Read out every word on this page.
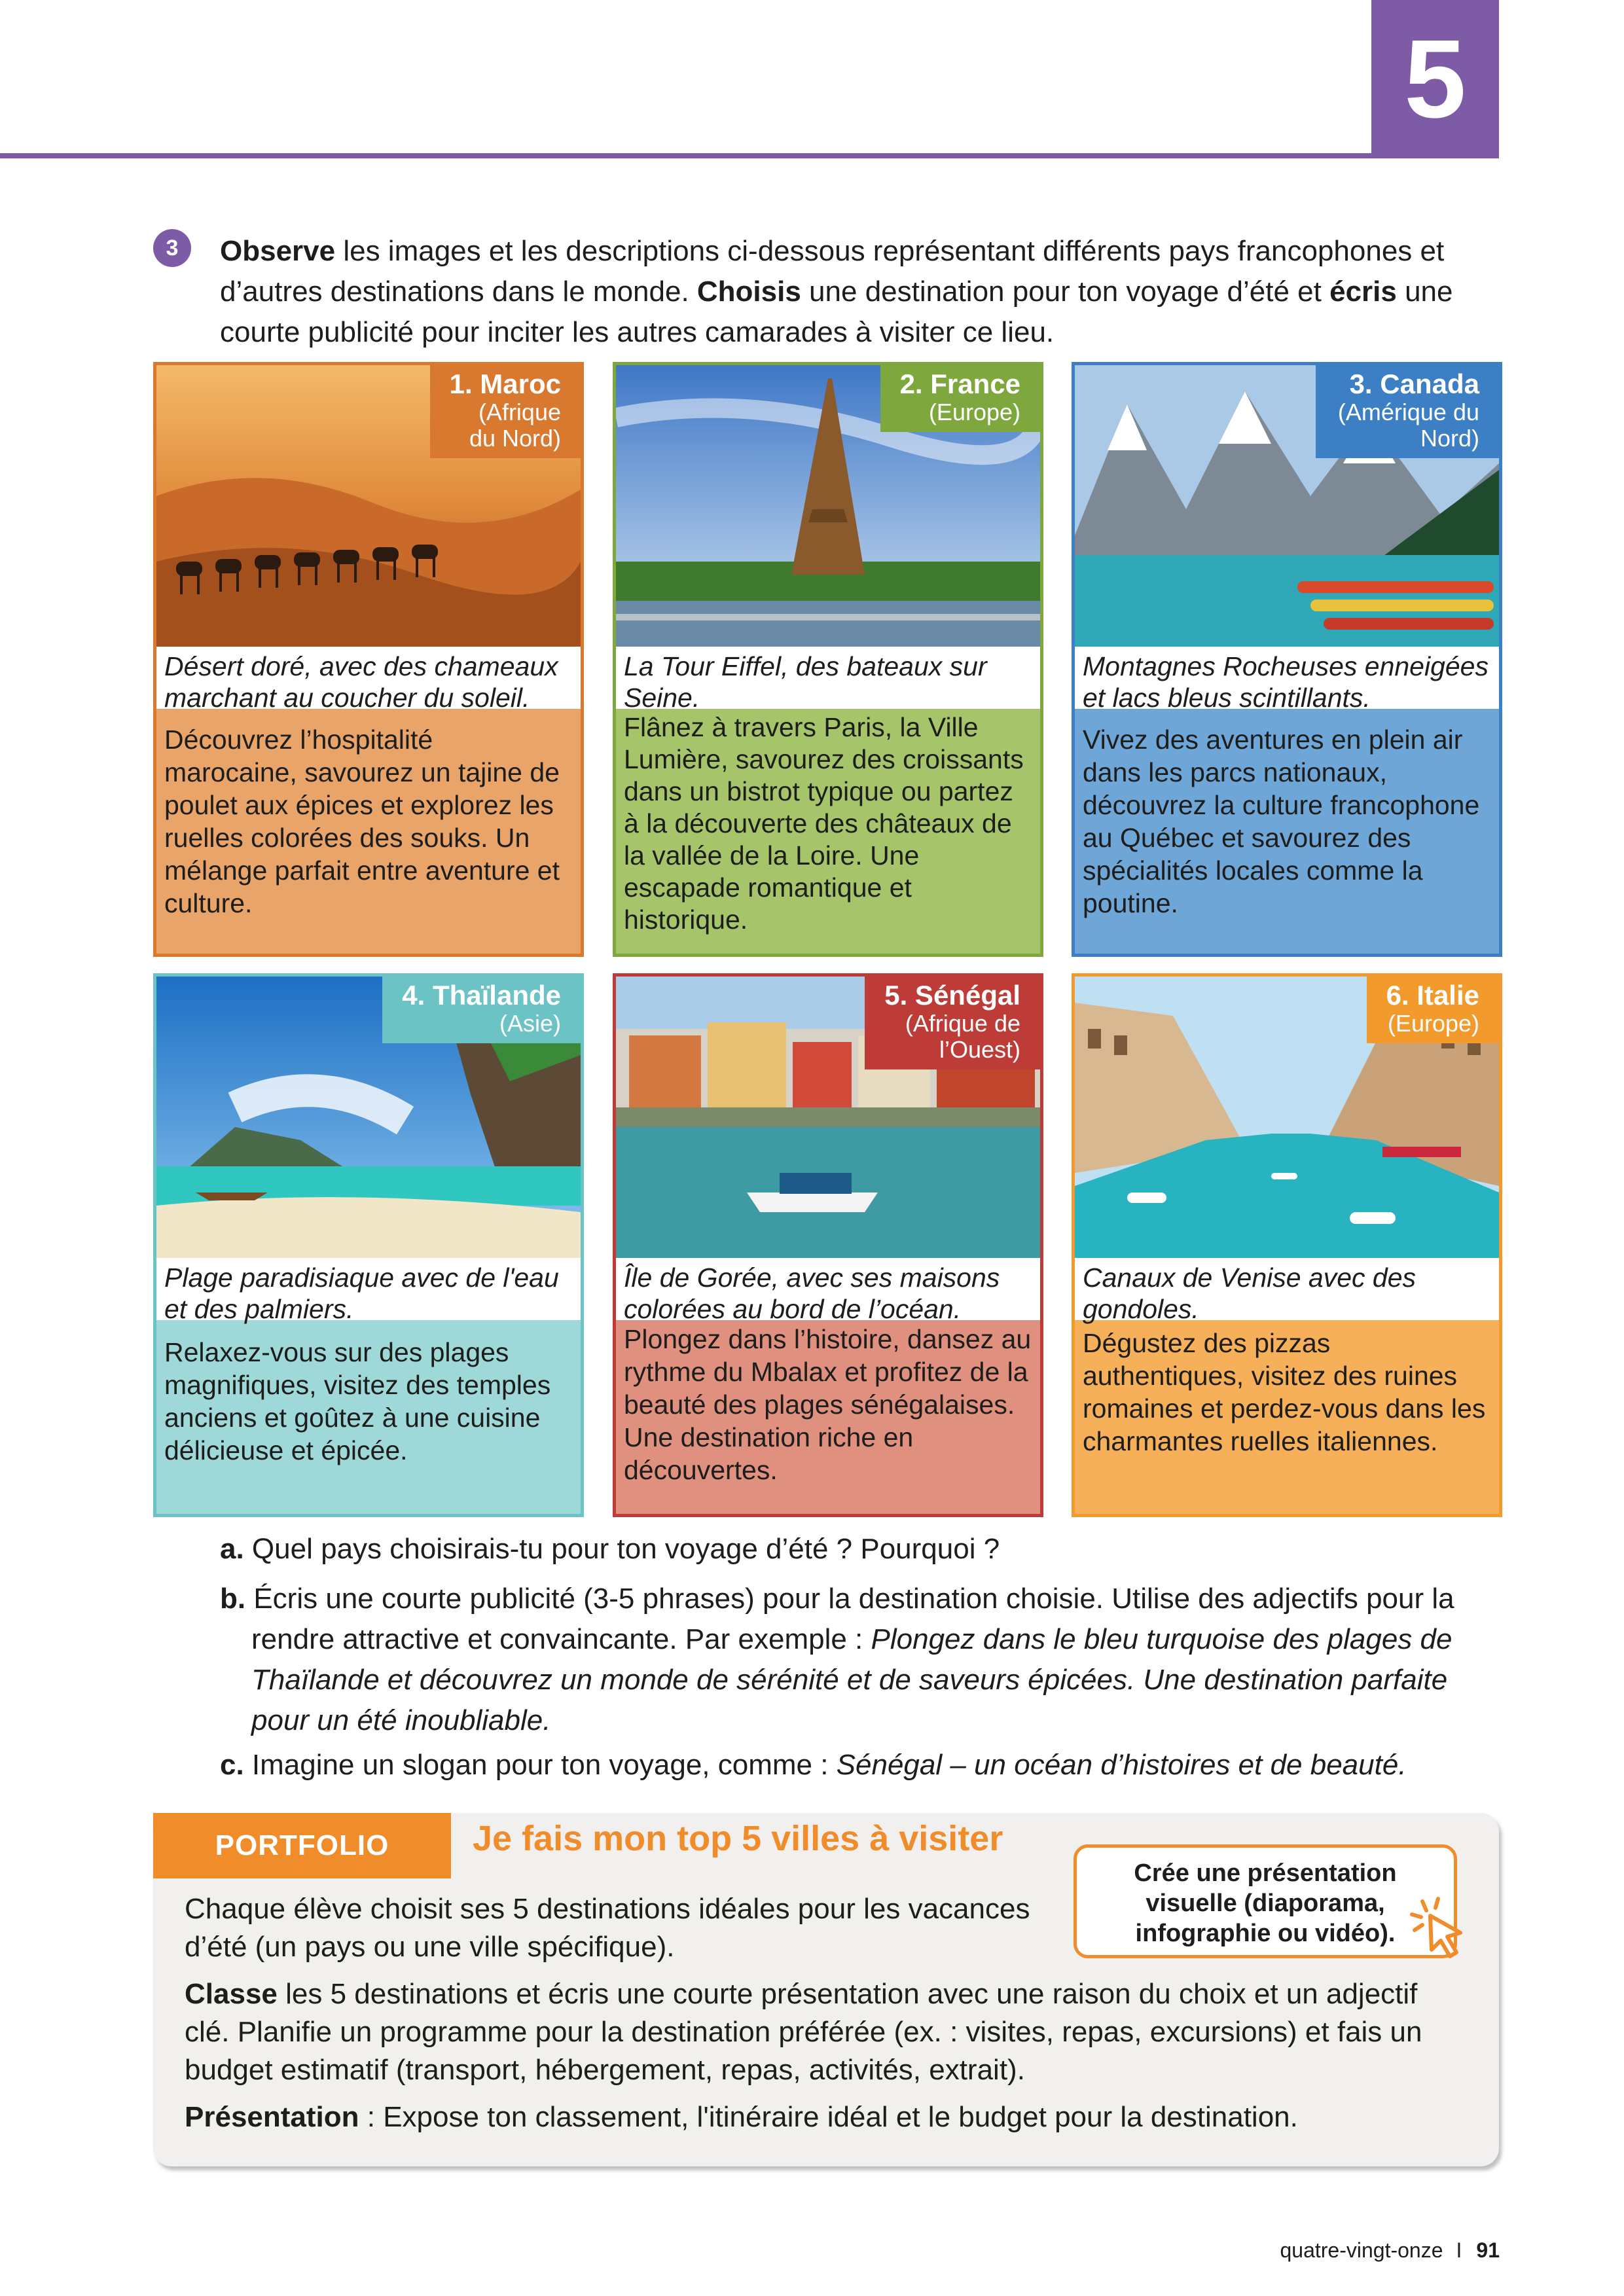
5
3	Observe les images et les descriptions ci-dessous représentant différents pays francophones et d’autres destinations dans le monde. Choisis une destination pour ton voyage d’été et écris une courte publicité pour inciter les autres camarades à visiter ce lieu.
1. Maroc
(Afrique du Nord)
Désert doré, avec des chameaux marchant au coucher du soleil.
Découvrez l’hospitalité marocaine, savourez un tajine de poulet aux épices et explorez les ruelles colorées des souks. Un mélange parfait entre aventure et culture.
2. France
(Europe)
La Tour Eiffel, des bateaux sur Seine.
Flânez à travers Paris, la Ville Lumière, savourez des croissants dans un bistrot typique ou partez à la découverte des châteaux de la vallée de la Loire. Une escapade romantique et historique.
3. Canada
(Amérique du Nord)
Montagnes Rocheuses enneigées et lacs bleus scintillants.
Vivez des aventures en plein air dans les parcs nationaux, découvrez la culture francophone au Québec et savourez des spécialités locales comme la poutine.
4. Thaïlande
(Asie)
Plage paradisiaque avec de l'eau et des palmiers.
Relaxez-vous sur des plages magnifiques, visitez des temples anciens et goûtez à une cuisine délicieuse et épicée.
5. Sénégal
(Afrique de l’Ouest)
Île de Gorée, avec ses maisons colorées au bord de l’océan.
Plongez dans l’histoire, dansez au rythme du Mbalax et profitez de la beauté des plages sénégalaises. Une destination riche en découvertes.
6. Italie
(Europe)
Canaux de Venise avec des gondoles.
Dégustez des pizzas authentiques, visitez des ruines romaines et perdez-vous dans les charmantes ruelles italiennes.
a. Quel pays choisirais-tu pour ton voyage d’été ? Pourquoi ?
b. Écris une courte publicité (3-5 phrases) pour la destination choisie. Utilise des adjectifs pour la rendre attractive et convaincante. Par exemple : Plongez dans le bleu turquoise des plages de Thaïlande et découvrez un monde de sérénité et de saveurs épicées. Une destination parfaite pour un été inoubliable.
c. Imagine un slogan pour ton voyage, comme : Sénégal – un océan d’histoires et de beauté.
PORTFOLIO	Je fais mon top 5 villes à visiter
Crée une présentation visuelle (diaporama, infographie ou vidéo).
Chaque élève choisit ses 5 destinations idéales pour les vacances d’été (un pays ou une ville spécifique).
Classe les 5 destinations et écris une courte présentation avec une raison du choix et un adjectif clé. Planifie un programme pour la destination préférée (ex. : visites, repas, excursions) et fais un budget estimatif (transport, hébergement, repas, activités, extrait).
Présentation : Expose ton classement, l'itinéraire idéal et le budget pour la destination.
quatre-vingt-onze I 91
